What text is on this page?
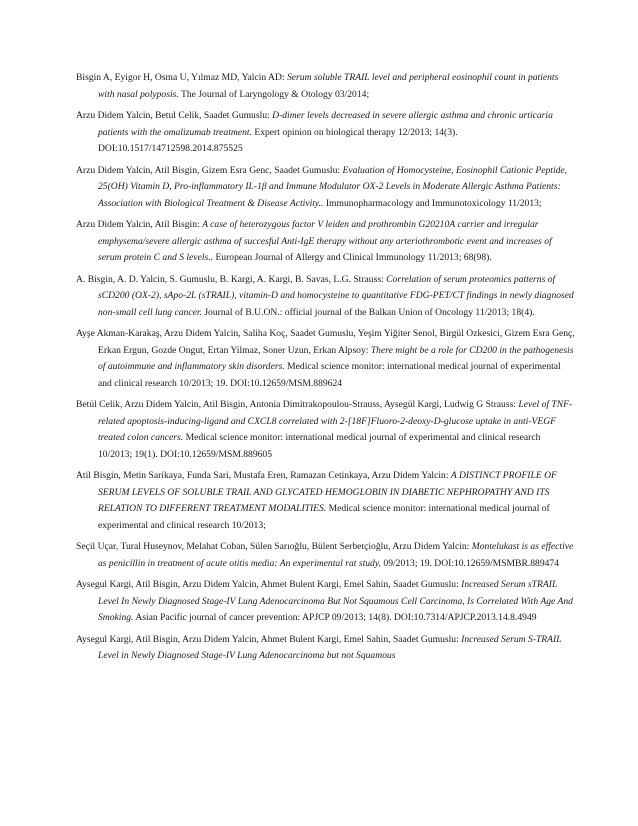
Bisgin A, Eyigor H, Osma U, Yılmaz MD, Yalcin AD: Serum soluble TRAIL level and peripheral eosinophil count in patients with nasal polyposis. The Journal of Laryngology & Otology 03/2014;

Arzu Didem Yalcin, Betul Celik, Saadet Gumuslu: D-dimer levels decreased in severe allergic asthma and chronic urticaria patients with the omalizumab treatment. Expert opinion on biological therapy 12/2013; 14(3). DOI:10.1517/14712598.2014.875525

Arzu Didem Yalcin, Atil Bisgin, Gizem Esra Genc, Saadet Gumuslu: Evaluation of Homocysteine, Eosinophil Cationic Peptide, 25(OH) Vitamin D, Pro-inflammatory IL-1β and Immune Modulator OX-2 Levels in Moderate Allergic Asthma Patients: Association with Biological Treatment & Disease Activity.. Immunopharmacology and Immunotoxicology 11/2013;

Arzu Didem Yalcin, Atil Bisgin: A case of heterozygous factor V leiden and prothrombin G20210A carrier and irregular emphysema/severe allergic asthma of succesful Anti-IgE therapy without any arteriothrombotic event and increases of serum protein C and S levels.. European Journal of Allergy and Clinical Immunology 11/2013; 68(98).

A. Bisgin, A. D. Yalcin, S. Gumuslu, B. Kargi, A. Kargi, B. Savas, L.G. Strauss: Correlation of serum proteomics patterns of sCD200 (OX-2), sApo-2L (sTRAIL), vitamin-D and homocysteine to quantitative FDG-PET/CT findings in newly diagnosed non-small cell lung cancer. Journal of B.U.ON.: official journal of the Balkan Union of Oncology 11/2013; 18(4).

Ayşe Akman-Karakaş, Arzu Didem Yalcin, Saliha Koç, Saadet Gumuslu, Yeşim Yiğiter Senol, Birgül Ozkesici, Gizem Esra Genç, Erkan Ergun, Gozde Ongut, Ertan Yilmaz, Soner Uzun, Erkan Alpsoy: There might be a role for CD200 in the pathogenesis of autoimmune and inflammatory skin disorders. Medical science monitor: international medical journal of experimental and clinical research 10/2013; 19. DOI:10.12659/MSM.889624

Betül Celik, Arzu Didem Yalcin, Atil Bisgin, Antonia Dimitrakopoulou-Strauss, Aysegül Kargi, Ludwig G Strauss: Level of TNF-related apoptosis-inducing-ligand and CXCL8 correlated with 2-[18F]Fluoro-2-deoxy-D-glucose uptake in anti-VEGF treated colon cancers. Medical science monitor: international medical journal of experimental and clinical research 10/2013; 19(1). DOI:10.12659/MSM.889605

Atil Bisgin, Metin Sarikaya, Funda Sari, Mustafa Eren, Ramazan Cetinkaya, Arzu Didem Yalcin: A DISTINCT PROFILE OF SERUM LEVELS OF SOLUBLE TRAIL AND GLYCATED HEMOGLOBIN IN DIABETIC NEPHROPATHY AND ITS RELATION TO DIFFERENT TREATMENT MODALITIES. Medical science monitor: international medical journal of experimental and clinical research 10/2013;

Seçil Uçar, Tural Huseynov, Melahat Coban, Sülen Sarıoğlu, Bülent Serbetçioğlu, Arzu Didem Yalcin: Montelukast is as effective as penicillin in treatment of acute otitis media: An experimental rat study. 09/2013; 19. DOI:10.12659/MSMBR.889474

Aysegul Kargi, Atil Bisgin, Arzu Didem Yalcin, Ahmet Bulent Kargi, Emel Sahin, Saadet Gumuslu: Increased Serum sTRAIL Level In Newly Diagnosed Stage-IV Lung Adenocarcinoma But Not Squamous Cell Carcinoma, Is Correlated With Age And Smoking. Asian Pacific journal of cancer prevention: APJCP 09/2013; 14(8). DOI:10.7314/APJCP.2013.14.8.4949

Aysegul Kargi, Atil Bisgin, Arzu Didem Yalcin, Ahmet Bulent Kargi, Emel Sahin, Saadet Gumuslu: Increased Serum S-TRAIL Level in Newly Diagnosed Stage-IV Lung Adenocarcinoma but not Squamous
